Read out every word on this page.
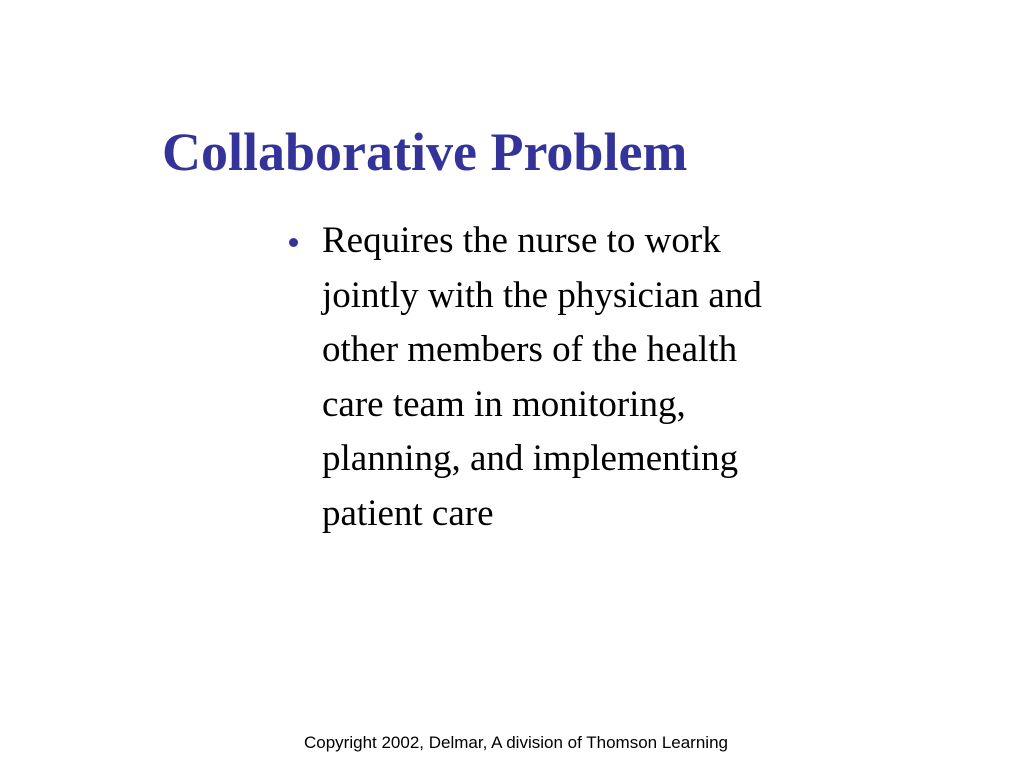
Collaborative Problem
Requires the nurse to work
jointly with the physician and
other members of the health
care team in monitoring,
planning, and implementing
patient care
Copyright 2002, Delmar, A division of Thomson Learning
